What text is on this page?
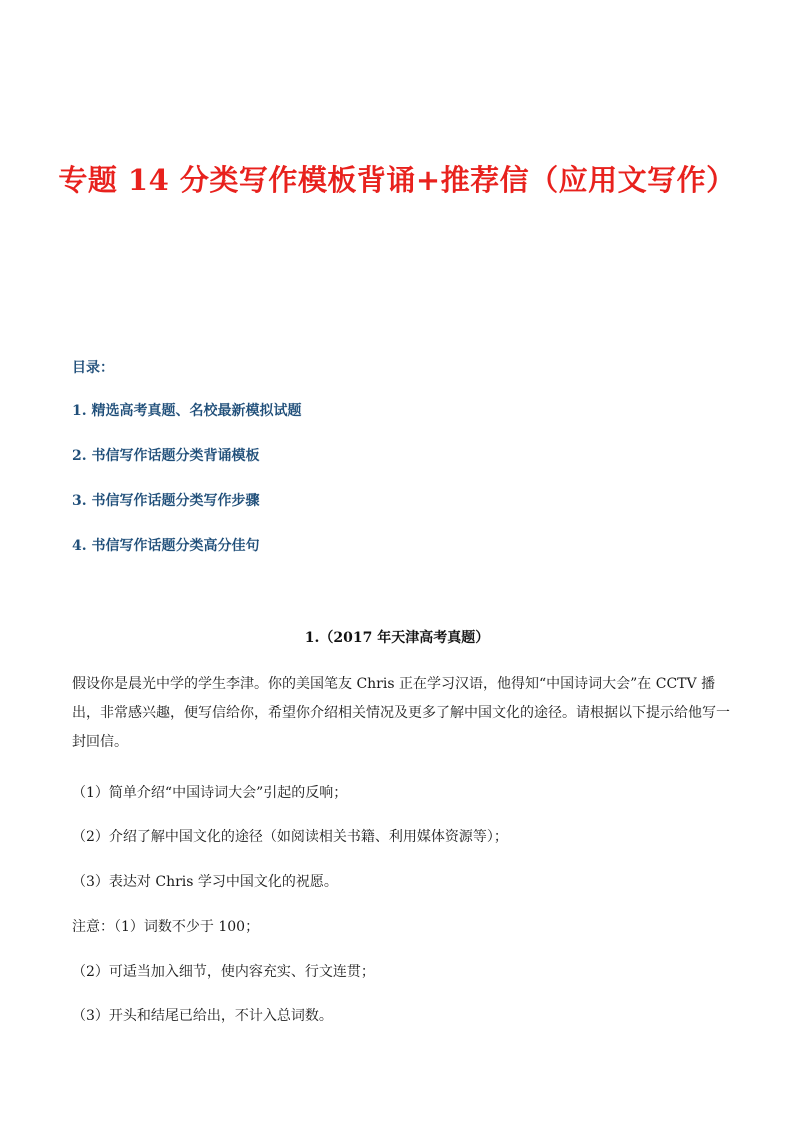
专题 14 分类写作模板背诵+推荐信（应用文写作）
目录：
1. 精选高考真题、名校最新模拟试题
2. 书信写作话题分类背诵模板
3. 书信写作话题分类写作步骤
4. 书信写作话题分类高分佳句
1.（2017 年天津高考真题）
假设你是晨光中学的学生李津。你的美国笔友 Chris 正在学习汉语，他得知“中国诗词大会”在 CCTV 播出，非常感兴趣，便写信给你，希望你介绍相关情况及更多了解中国文化的途径。请根据以下提示给他写一封回信。
（1）简单介绍“中国诗词大会”引起的反响；
（2）介绍了解中国文化的途径（如阅读相关书籍、利用媒体资源等）；
（3）表达对 Chris 学习中国文化的祝愿。
注意：（1）词数不少于 100；
（2）可适当加入细节，使内容充实、行文连贯；
（3）开头和结尾已给出，不计入总词数。
